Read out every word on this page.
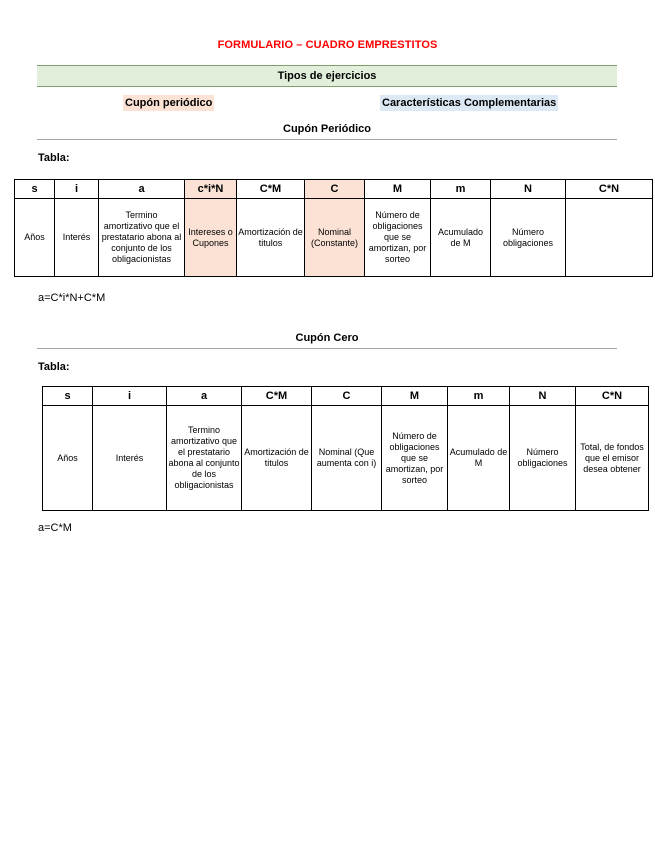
FORMULARIO – CUADRO EMPRESTITOS
Tipos de ejercicios
Cupón periódico	Características Complementarias
Cupón Periódico
Tabla:
s	i	a	c*i*N	C*M	C	M	m	N	C*N
Años	Interés	Termino amortizativo que el prestatario abona al conjunto de los obligacionistas	Intereses o Cupones	Amortización de titulos	Nominal (Constante)	Número de obligaciones que se amortizan, por sorteo	Acumulado de M	Número obligaciones	
a=C*i*N+C*M
Cupón Cero
Tabla:
s	i	a	C*M	C	M	m	N	C*N
Años	Interés	Termino amortizativo que el prestatario abona al conjunto de los obligacionistas	Amortización de titulos	Nominal (Que aumenta con i)	Número de obligaciones que se amortizan, por sorteo	Acumulado de M	Número obligaciones	Total, de fondos que el emisor desea obtener
a=C*M
